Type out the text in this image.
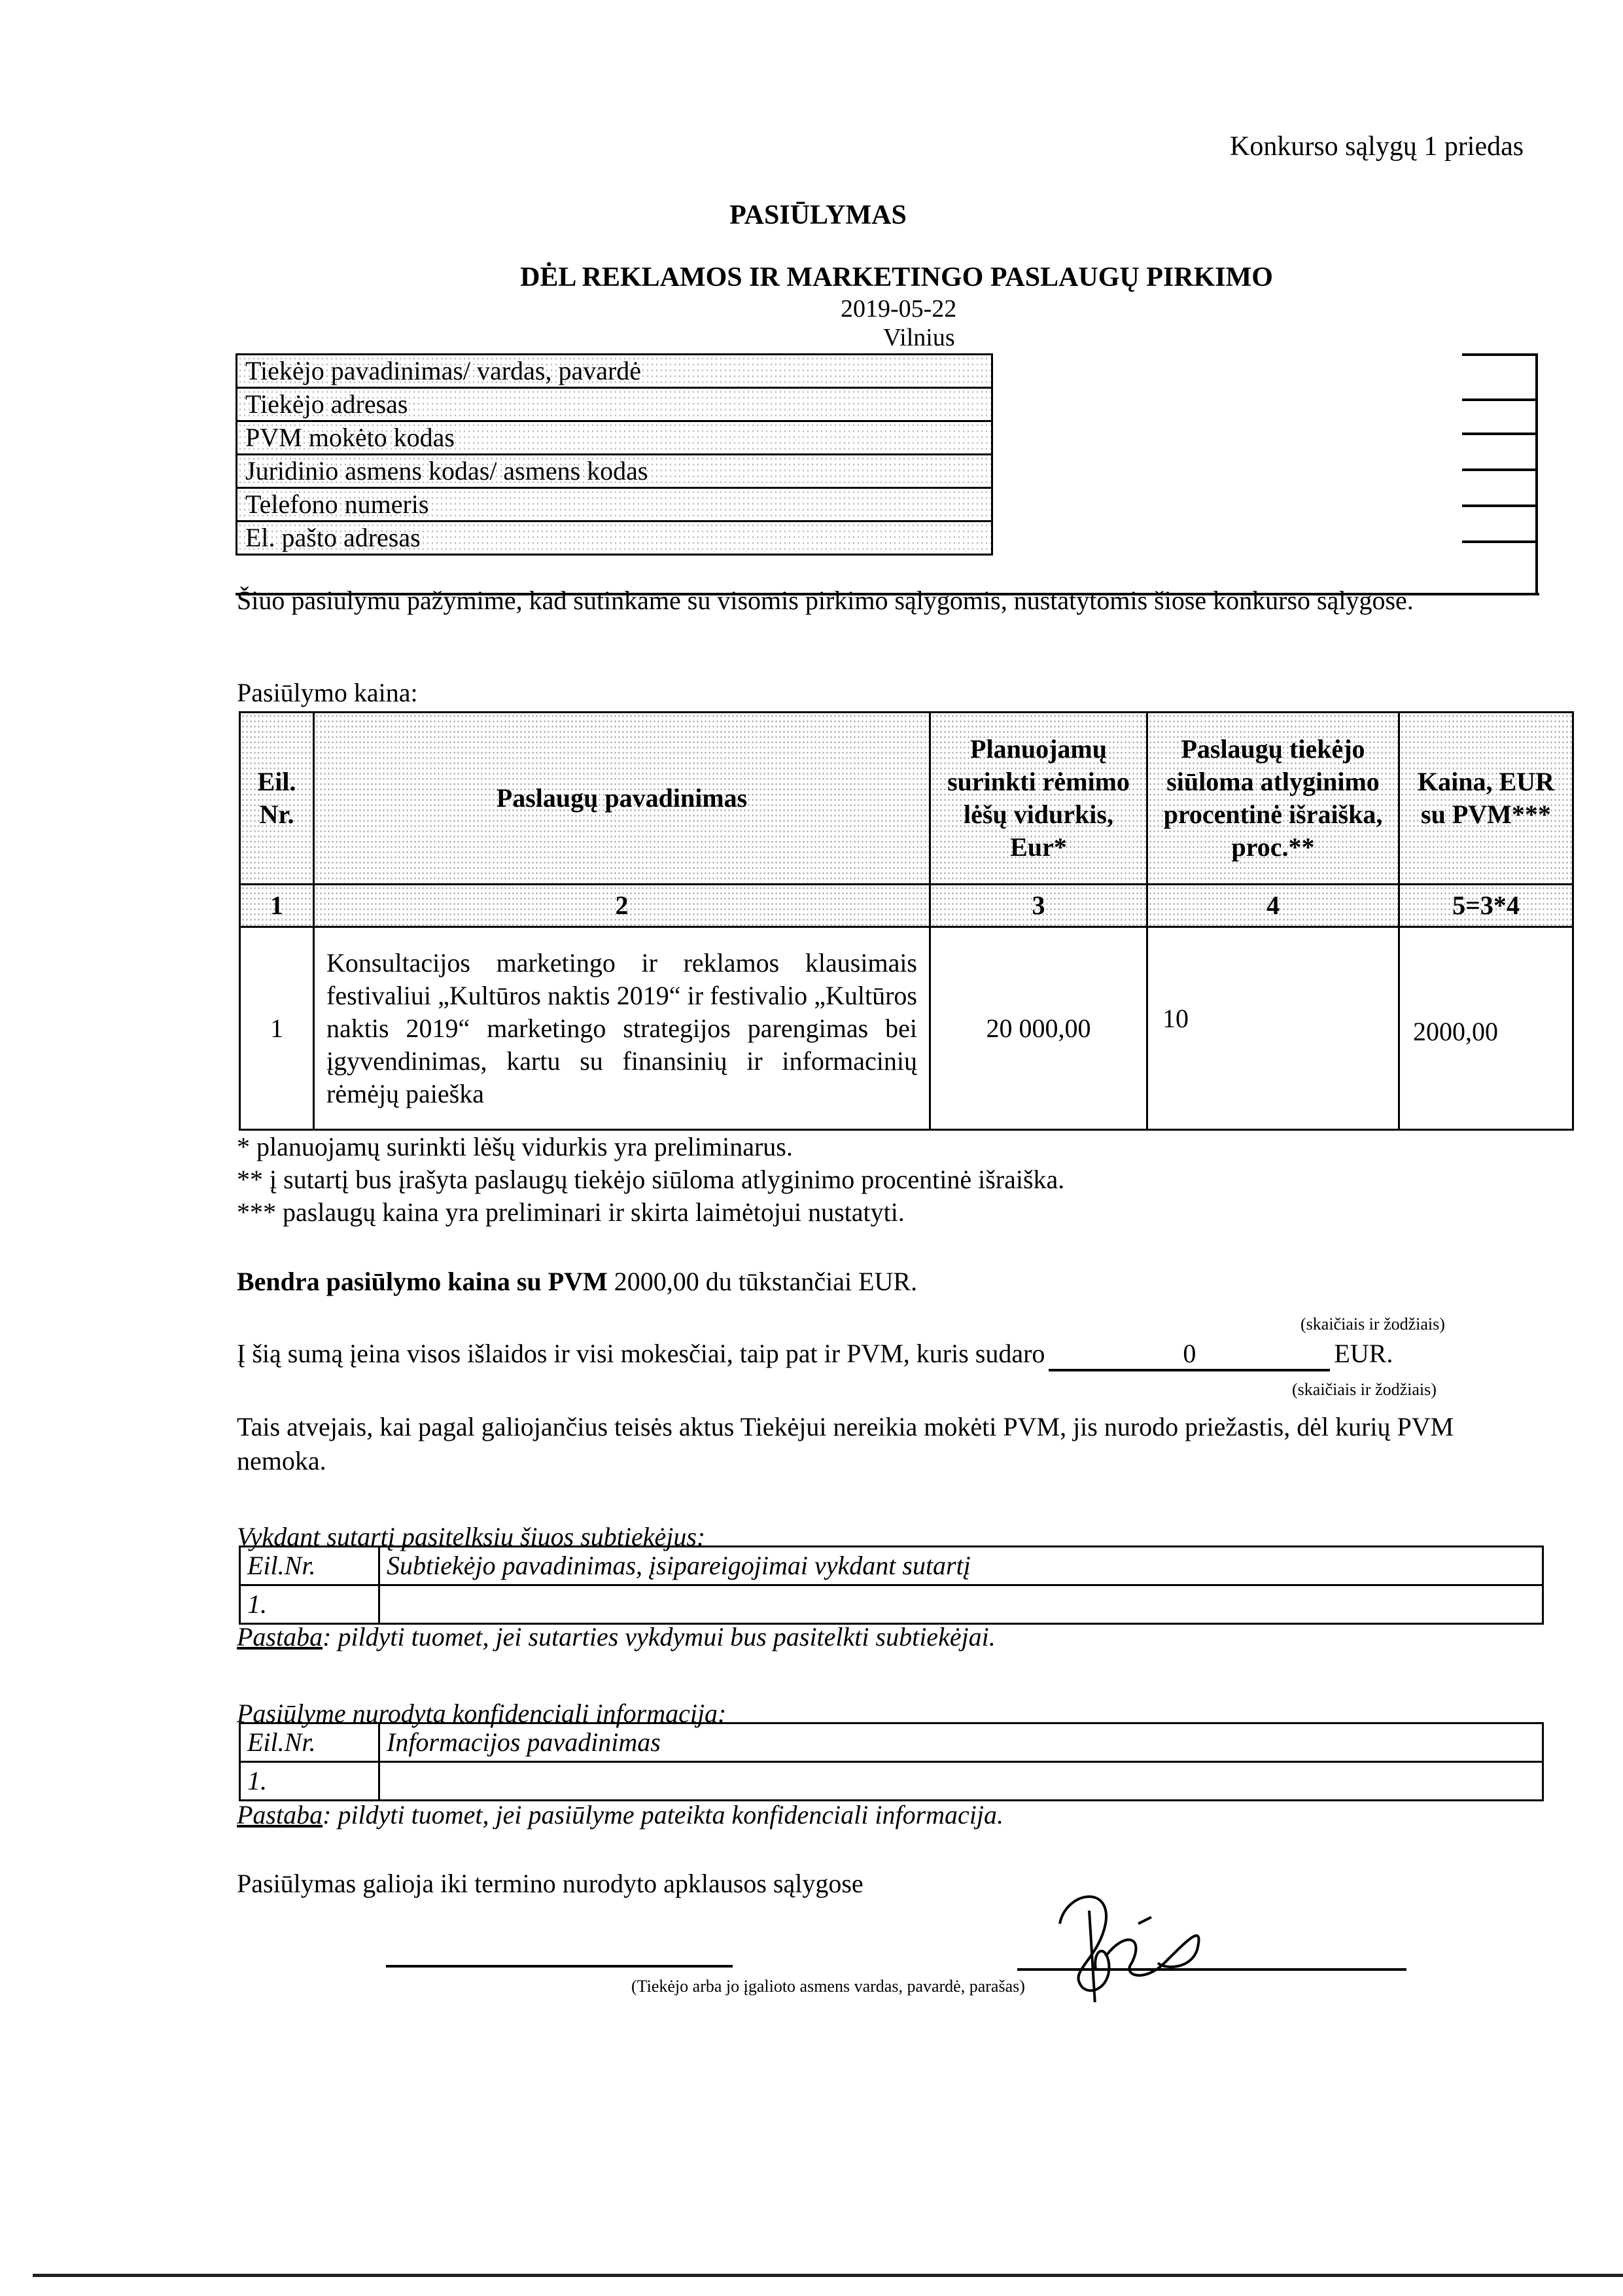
Konkurso sąlygų 1 priedas
PASIŪLYMAS
DĖL REKLAMOS IR MARKETINGO PASLAUGŲ PIRKIMO
2019-05-22
Vilnius
Tiekėjo pavadinimas/ vardas, pavardė
Tiekėjo adresas
PVM mokėto kodas
Juridinio asmens kodas/ asmens kodas
Telefono numeris
El. pašto adresas
Šiuo pasiūlymu pažymime, kad sutinkame su visomis pirkimo sąlygomis, nustatytomis šiose konkurso sąlygose.
Pasiūlymo kaina:
Eil. Nr.	Paslaugų pavadinimas	Planuojamų surinkti rėmimo lėšų vidurkis, Eur*	Paslaugų tiekėjo siūloma atlyginimo procentinė išraiška, proc.**	Kaina, EUR su PVM***
1	2	3	4	5=3*4
1	Konsultacijos marketingo ir reklamos klausimais festivaliui „Kultūros naktis 2019“ ir festivalio „Kultūros naktis 2019“ marketingo strategijos parengimas bei įgyvendinimas, kartu su finansinių ir informacinių rėmėjų paieška	20 000,00	10	2000,00
* planuojamų surinkti lėšų vidurkis yra preliminarus.
** į sutartį bus įrašyta paslaugų tiekėjo siūloma atlyginimo procentinė išraiška.
*** paslaugų kaina yra preliminari ir skirta laimėtojui nustatyti.
Bendra pasiūlymo kaina su PVM 2000,00 du tūkstančiai EUR.
(skaičiais ir žodžiais)
Į šią sumą įeina visos išlaidos ir visi mokesčiai, taip pat ir PVM, kuris sudaro	0	EUR.
(skaičiais ir žodžiais)
Tais atvejais, kai pagal galiojančius teisės aktus Tiekėjui nereikia mokėti PVM, jis nurodo priežastis, dėl kurių PVM nemoka.
Vykdant sutartį pasitelksiu šiuos subtiekėjus:
Eil.Nr.	Subtiekėjo pavadinimas, įsipareigojimai vykdant sutartį
1.	
Pastaba: pildyti tuomet, jei sutarties vykdymui bus pasitelkti subtiekėjai.
Pasiūlyme nurodyta konfidenciali informacija:
Eil.Nr.	Informacijos pavadinimas
1.	
Pastaba: pildyti tuomet, jei pasiūlyme pateikta konfidenciali informacija.
Pasiūlymas galioja iki termino nurodyto apklausos sąlygose
(Tiekėjo arba jo įgalioto asmens vardas, pavardė, parašas)
